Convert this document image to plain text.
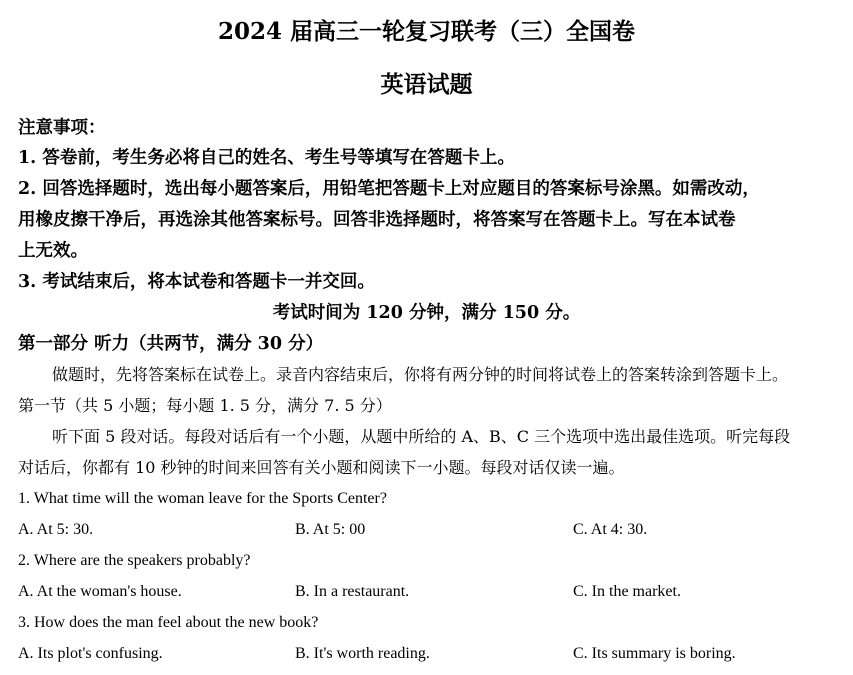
2024 届高三一轮复习联考（三）全国卷
英语试题
注意事项：
1. 答卷前，考生务必将自己的姓名、考生号等填写在答题卡上。
2. 回答选择题时，选出每小题答案后，用铅笔把答题卡上对应题目的答案标号涂黑。如需改动，
用橡皮擦干净后，再选涂其他答案标号。回答非选择题时，将答案写在答题卡上。写在本试卷
上无效。
3. 考试结束后，将本试卷和答题卡一并交回。
考试时间为 120 分钟，满分 150 分。
第一部分 听力（共两节，满分 30 分）
做题时，先将答案标在试卷上。录音内容结束后，你将有两分钟的时间将试卷上的答案转涂到答题卡上。
第一节（共 5 小题；每小题 1. 5 分，满分 7. 5 分）
听下面 5 段对话。每段对话后有一个小题，从题中所给的 A、B、C 三个选项中选出最佳选项。听完每段
对话后，你都有 10 秒钟的时间来回答有关小题和阅读下一小题。每段对话仅读一遍。
1. What time will the woman leave for the Sports Center?
A. At 5: 30.	B. At 5: 00	C. At 4: 30.
2. Where are the speakers probably?
A. At the woman's house.	B. In a restaurant.	C. In the market.
3. How does the man feel about the new book?
A. Its plot's confusing.	B. It's worth reading.	C. Its summary is boring.
